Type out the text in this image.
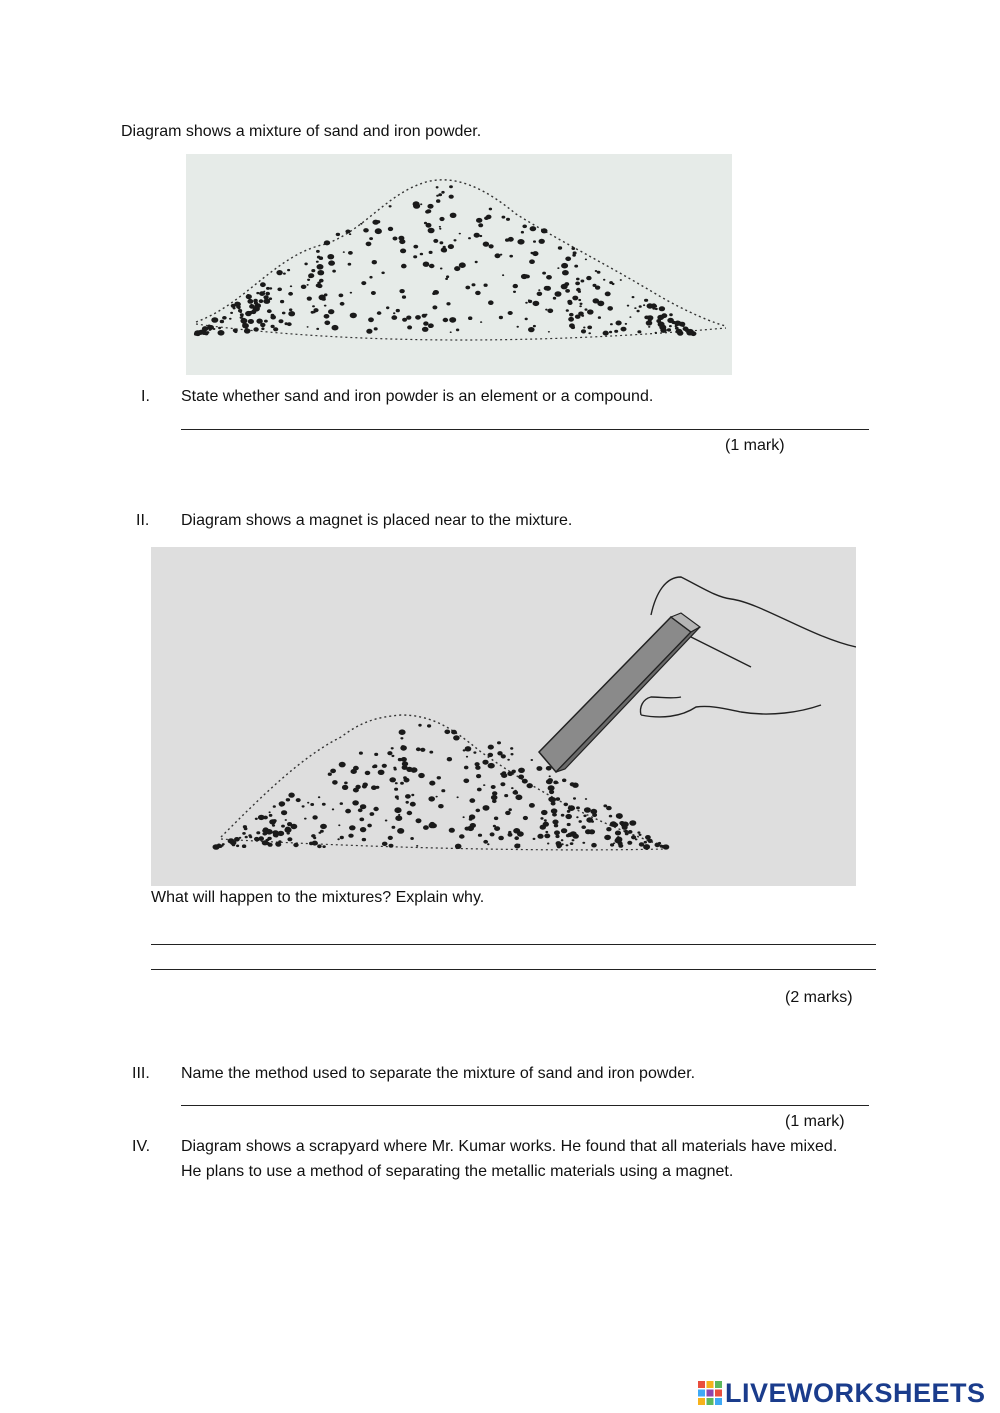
Diagram shows a mixture of sand and iron powder.
I. State whether sand and iron powder is an element or a compound.
(1 mark)
II. Diagram shows a magnet is placed near to the mixture.
What will happen to the mixtures? Explain why.
(2 marks)
III. Name the method used to separate the mixture of sand and iron powder.
(1 mark)
IV. Diagram shows a scrapyard where Mr. Kumar works. He found that all materials have mixed.
He plans to use a method of separating the metallic materials using a magnet.
LIVEWORKSHEETS
